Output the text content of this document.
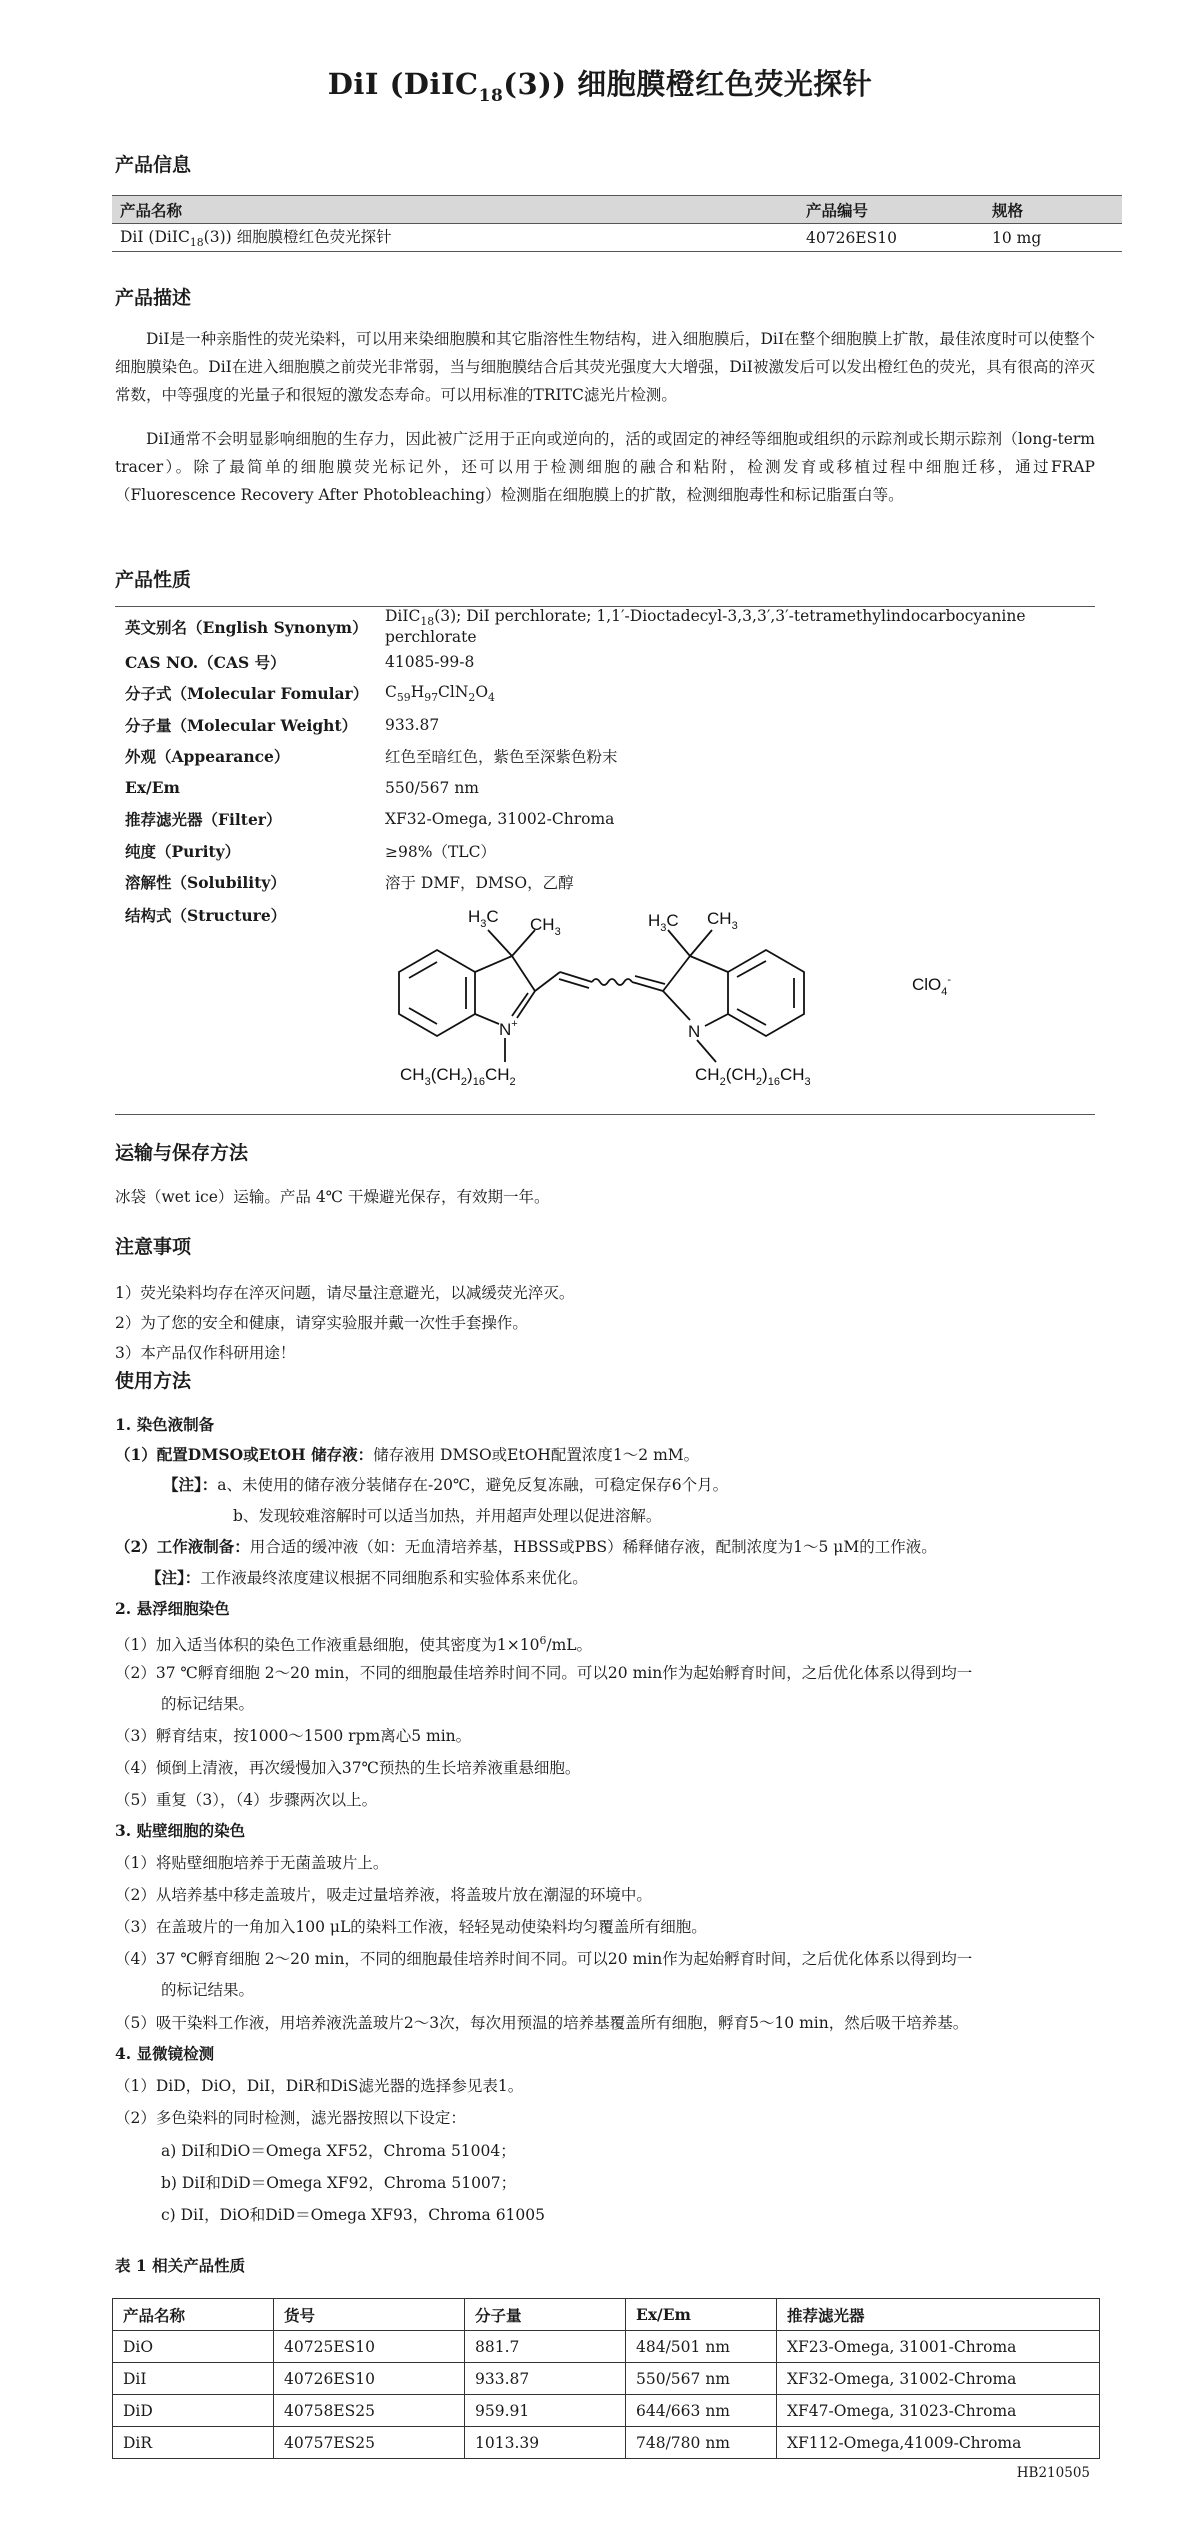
DiI (DiIC$_{18}$(3)) 细胞膜橙红色荧光探针
产品信息
产品名称	产品编号	规格
DiI (DiIC$_{18}$(3)) 细胞膜橙红色荧光探针	40726ES10	10 mg
产品描述
DiI是一种亲脂性的荧光染料，可以用来染细胞膜和其它脂溶性生物结构，进入细胞膜后，DiI在整个细胞膜上扩散，最佳浓度时可以使整个细胞膜染色。DiI在进入细胞膜之前荧光非常弱，当与细胞膜结合后其荧光强度大大增强，DiI被激发后可以发出橙红色的荧光，具有很高的淬灭常数，中等强度的光量子和很短的激发态寿命。可以用标准的TRITC滤光片检测。
DiI通常不会明显影响细胞的生存力，因此被广泛用于正向或逆向的，活的或固定的神经等细胞或组织的示踪剂或长期示踪剂（long-term tracer）。除了最简单的细胞膜荧光标记外，还可以用于检测细胞的融合和粘附，检测发育或移植过程中细胞迁移，通过FRAP（Fluorescence Recovery After Photobleaching）检测脂在细胞膜上的扩散，检测细胞毒性和标记脂蛋白等。
产品性质
英文别名（English Synonym）	DiIC$_{18}$(3); DiI perchlorate; 1,1′-Dioctadecyl-3,3,3′,3′-tetramethylindocarbocyanine perchlorate
CAS NO.（CAS 号）	41085-99-8
分子式（Molecular Fomular）	$C_{59}H_{97}ClN_2O_4$
分子量（Molecular Weight）	933.87
外观（Appearance）	红色至暗红色，紫色至深紫色粉末
Ex/Em	550/567 nm
推荐滤光器（Filter）	XF32-Omega, 31002-Chroma
纯度（Purity）	≥98%（TLC）
溶解性（Solubility）	溶于 DMF，DMSO，乙醇
结构式（Structure）		$H_3C$ $CH_3$
N+
$CH_3(CH_2)_{16}CH_2$
$H_3C$ $CH_3$
N
$CH_2(CH_2)_{16}CH_3$
ClO$_4$-
运输与保存方法
冰袋（wet ice）运输。产品 4℃ 干燥避光保存，有效期一年。
注意事项
1）荧光染料均存在淬灭问题，请尽量注意避光，以减缓荧光淬灭。
2）为了您的安全和健康，请穿实验服并戴一次性手套操作。
3）本产品仅作科研用途！
使用方法
1. 染色液制备
（1）配置DMSO或EtOH 储存液：储存液用 DMSO或EtOH配置浓度1～2 mM。
【注】：a、未使用的储存液分装储存在-20℃，避免反复冻融，可稳定保存6个月。
b、发现较难溶解时可以适当加热，并用超声处理以促进溶解。
（2）工作液制备：用合适的缓冲液（如：无血清培养基，HBSS或PBS）稀释储存液，配制浓度为1～5 μM的工作液。
【注】：工作液最终浓度建议根据不同细胞系和实验体系来优化。
2. 悬浮细胞染色
（1）加入适当体积的染色工作液重悬细胞，使其密度为$1\times 10^6/mL$。
（2）37 ℃孵育细胞 2～20 min，不同的细胞最佳培养时间不同。可以20 min作为起始孵育时间，之后优化体系以得到均一
的标记结果。
（3）孵育结束，按1000～1500 rpm离心5 min。
（4）倾倒上清液，再次缓慢加入37℃预热的生长培养液重悬细胞。
（5）重复（3），（4）步骤两次以上。
3. 贴壁细胞的染色
（1）将贴壁细胞培养于无菌盖玻片上。
（2）从培养基中移走盖玻片，吸走过量培养液，将盖玻片放在潮湿的环境中。
（3）在盖玻片的一角加入100 μL的染料工作液，轻轻晃动使染料均匀覆盖所有细胞。
（4）37 ℃孵育细胞 2～20 min，不同的细胞最佳培养时间不同。可以20 min作为起始孵育时间，之后优化体系以得到均一
的标记结果。
（5）吸干染料工作液，用培养液洗盖玻片2～3次，每次用预温的培养基覆盖所有细胞，孵育5～10 min，然后吸干培养基。
4. 显微镜检测
（1）DiD，DiO，DiI，DiR和DiS滤光器的选择参见表1。
（2）多色染料的同时检测，滤光器按照以下设定：
a) DiI和DiO＝Omega XF52，Chroma 51004；
b) DiI和DiD＝Omega XF92，Chroma 51007；
c) DiI，DiO和DiD＝Omega XF93，Chroma 61005
表 1 相关产品性质
产品名称	货号	分子量	Ex/Em	推荐滤光器
DiO	40725ES10	881.7	484/501 nm	XF23-Omega, 31001-Chroma
DiI	40726ES10	933.87	550/567 nm	XF32-Omega, 31002-Chroma
DiD	40758ES25	959.91	644/663 nm	XF47-Omega, 31023-Chroma
DiR	40757ES25	1013.39	748/780 nm	XF112-Omega,41009-Chroma
HB210505
